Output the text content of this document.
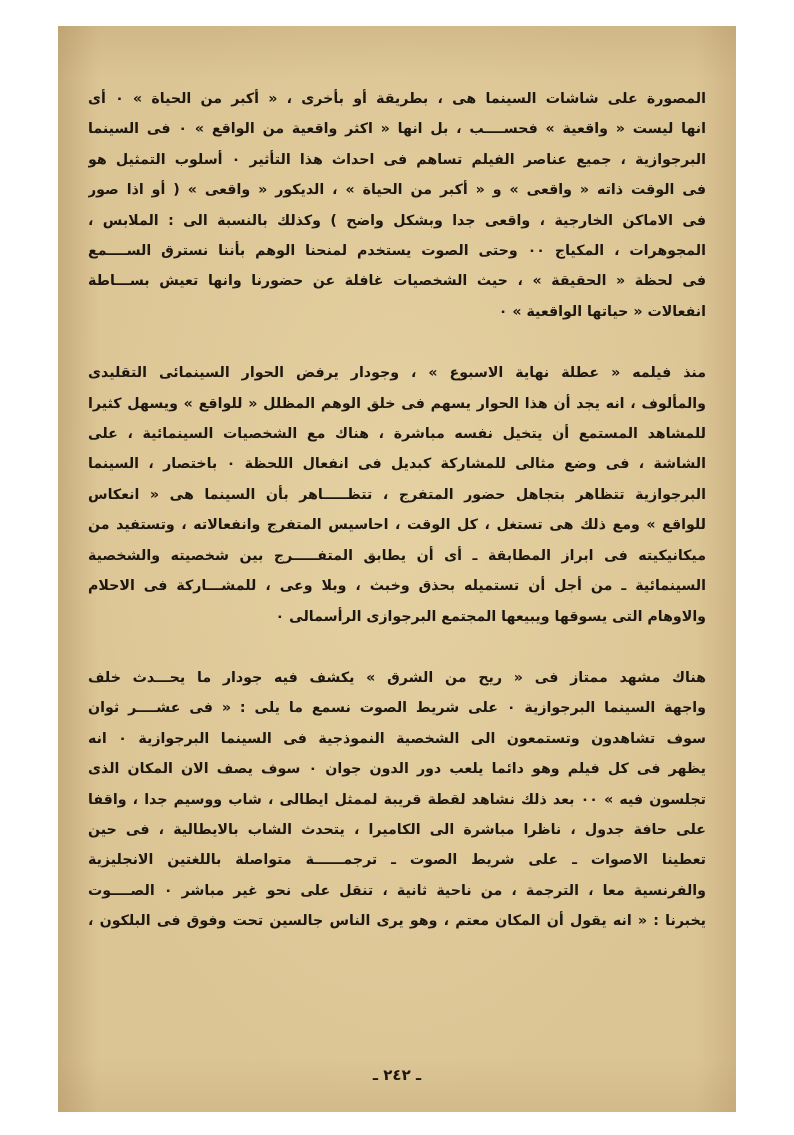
المصورة على شاشات السينما هى ، بطريقة أو بأخرى ، « أكبر من الحياة » ٠ أى
انها ليست « واقعية » فحســــب ، بل انها « اكثر واقعية من الواقع » ٠ فى السينما
البرجوازية ، جميع عناصر الفيلم تساهم فى احداث هذا التأثير ٠ أسلوب التمثيل هو
فى الوقت ذاته « واقعى » و « أكبر من الحياة » ، الديكور « واقعى » ( أو اذا صور
فى الاماكن الخارجية ، واقعى جدا وبشكل واضح ) وكذلك بالنسبة الى : الملابس ،
المجوهرات ، المكياج ٠٠ وحتى الصوت يستخدم لمنحنا الوهم بأننا نسترق الســــمع
فى لحظة « الحقيقة » ، حيث الشخصيات غافلة عن حضورنا وانها تعيش بســـاطة
انفعالات « حياتها الواقعية » ٠
منذ فيلمه « عطلة نهاية الاسبوع » ، وجودار يرفض الحوار السينمائى التقليدى
والمألوف ، انه يجد أن هذا الحوار يسهم فى خلق الوهم المظلل « للواقع » ويسهل كثيرا
للمشاهد المستمع أن يتخيل نفسه مباشرة ، هناك مع الشخصيات السينمائية ، على
الشاشة ، فى وضع مثالى للمشاركة كبديل فى انفعال اللحظة ٠ باختصار ، السينما
البرجوازية تتظاهر بتجاهل حضور المتفرج ، تتظـــــاهر بأن السينما هى « انعكاس
للواقع » ومع ذلك هى تستغل ، كل الوقت ، احاسيس المتفرج وانفعالاته ، وتستفيد من
ميكانيكيته فى ابراز المطابقة ـ أى أن يطابق المتفـــــرج بين شخصيته والشخصية
السينمائية ـ من أجل أن تستميله بحذق وخبث ، وبلا وعى ، للمشـــاركة فى الاحلام
والاوهام التى يسوقها ويبيعها المجتمع البرجوازى الرأسمالى ٠
هناك مشهد ممتاز فى « ريح من الشرق » يكشف فيه جودار ما يحـــدث خلف
واجهة السينما البرجوازية ٠ على شريط الصوت نسمع ما يلى : « فى عشــــر ثوان
سوف تشاهدون وتستمعون الى الشخصية النموذجية فى السينما البرجوازية ٠ انه
يظهر فى كل فيلم وهو دائما يلعب دور الدون جوان ٠ سوف يصف الان المكان الذى
تجلسون فيه » ٠٠ بعد ذلك نشاهد لقطة قريبة لممثل ايطالى ، شاب ووسيم جدا ، واقفا
على حافة جدول ، ناظرا مباشرة الى الكاميرا ، يتحدث الشاب بالايطالية ، فى حين
تعطينا الاصوات ـ على شريط الصوت ـ ترجمــــــة متواصلة باللغتين الانجليزية
والفرنسية معا ، الترجمة ، من ناحية ثانية ، تنقل على نحو غير مباشر ٠ الصــــوت
يخبرنا : « انه يقول أن المكان معتم ، وهو يرى الناس جالسين تحت وفوق فى البلكون ،
ـ ٢٤٢ ـ
